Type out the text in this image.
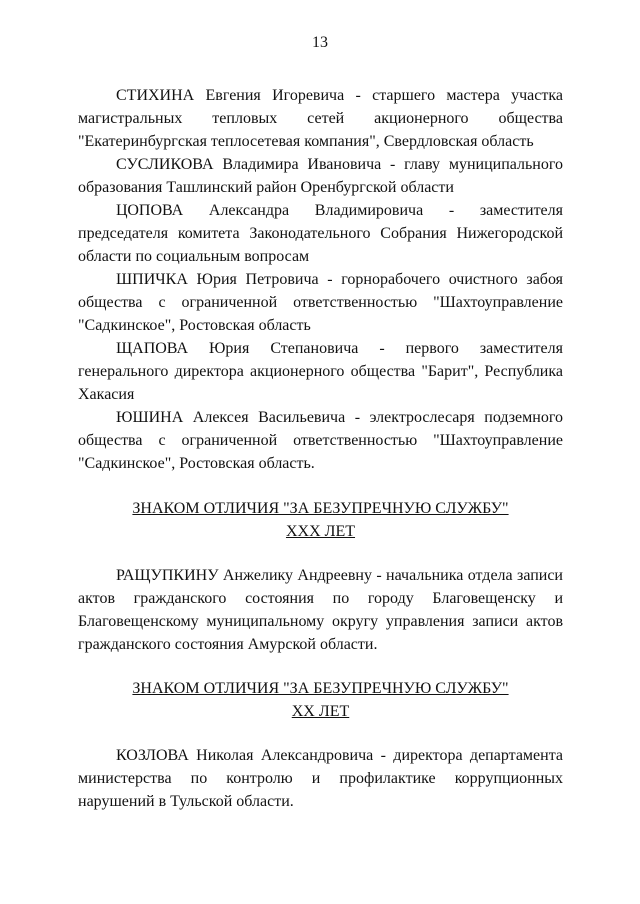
13

СТИХИНА Евгения Игоревича - старшего мастера участка магистральных тепловых сетей акционерного общества "Екатеринбургская теплосетевая компания", Свердловская область

СУСЛИКОВА Владимира Ивановича - главу муниципального образования Ташлинский район Оренбургской области

ЦОПОВА Александра Владимировича - заместителя председателя комитета Законодательного Собрания Нижегородской области по социальным вопросам

ШПИЧКА Юрия Петровича - горнорабочего очистного забоя общества с ограниченной ответственностью "Шахтоуправление "Садкинское", Ростовская область

ЩАПОВА Юрия Степановича - первого заместителя генерального директора акционерного общества "Барит", Республика Хакасия

ЮШИНА Алексея Васильевича - электрослесаря подземного общества с ограниченной ответственностью "Шахтоуправление "Садкинское", Ростовская область.

ЗНАКОМ ОТЛИЧИЯ "ЗА БЕЗУПРЕЧНУЮ СЛУЖБУ"

XXX ЛЕТ

РАЩУПКИНУ Анжелику Андреевну - начальника отдела записи актов гражданского состояния по городу Благовещенску и Благовещенскому муниципальному округу управления записи актов гражданского состояния Амурской области.

ЗНАКОМ ОТЛИЧИЯ "ЗА БЕЗУПРЕЧНУЮ СЛУЖБУ"

XX ЛЕТ

КОЗЛОВА Николая Александровича - директора департамента министерства по контролю и профилактике коррупционных нарушений в Тульской области.
